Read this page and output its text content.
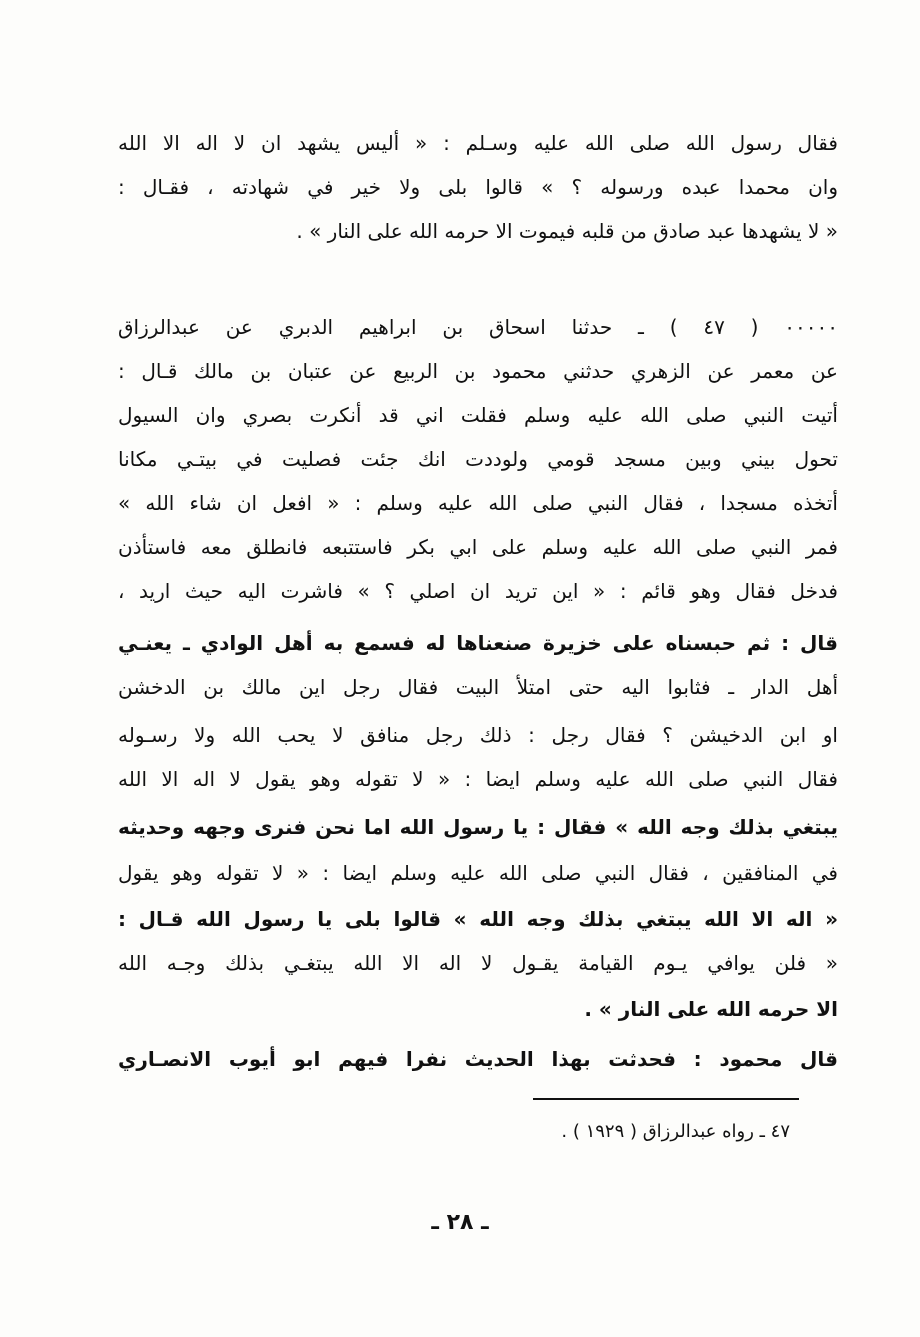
فقال رسول الله صلى الله عليه وسـلم : « أليس يشهد ان لا اله الا الله
وان محمدا عبده ورسوله ؟ » قالوا بلى ولا خير في شهادته ، فقـال :
« لا يشهدها عبد صادق من قلبه فيموت الا حرمه الله على النار » .
٠٠٠٠٠ ( ٤٧ ) ـ حدثنا اسحاق بن ابراهيم الدبري عن عبدالرزاق
عن معمر عن الزهري حدثني محمود بن الربيع عن عتبان بن مالك قـال :
أتيت النبي صلى الله عليه وسلم فقلت اني قد أنكرت بصري وان السيول
تحول بيني وبين مسجد قومي ولوددت انك جئت فصليت في بيتـي مكانا
أتخذه مسجدا ، فقال النبي صلى الله عليه وسلم : « افعل ان شاء الله »
فمر النبي صلى الله عليه وسلم على ابي بكر فاستتبعه فانطلق معه فاستأذن
فدخل فقال وهو قائم : « اين تريد ان اصلي ؟ » فاشرت اليه حيث اريد ،
قال : ثم حبسناه على خزيرة صنعناها له فسمع به أهل الوادي ـ يعنـي
أهل الدار ـ فثابوا اليه حتى امتلأ البيت فقال رجل اين مالك بن الدخشن
او ابن الدخيشن ؟ فقال رجل : ذلك رجل منافق لا يحب الله ولا رسـوله
فقال النبي صلى الله عليه وسلم ايضا : « لا تقوله وهو يقول لا اله الا الله
يبتغي بذلك وجه الله » فقال : يا رسول الله اما نحن فنرى وجهه وحديثه
في المنافقين ، فقال النبي صلى الله عليه وسلم ايضا : « لا تقوله وهو يقول
« اله الا الله يبتغي بذلك وجه الله » قالوا بلى يا رسول الله قـال :
« فلن يوافي يـوم القيامة يقـول لا اله الا الله يبتغـي بذلك وجـه الله
الا حرمه الله على النار » .
قال محمود : فحدثت بهذا الحديث نفرا فيهم ابو أيوب الانصـاري
٤٧ ـ رواه عبدالرزاق ( ١٩٢٩ ) .
ـ ٢٨ ـ
